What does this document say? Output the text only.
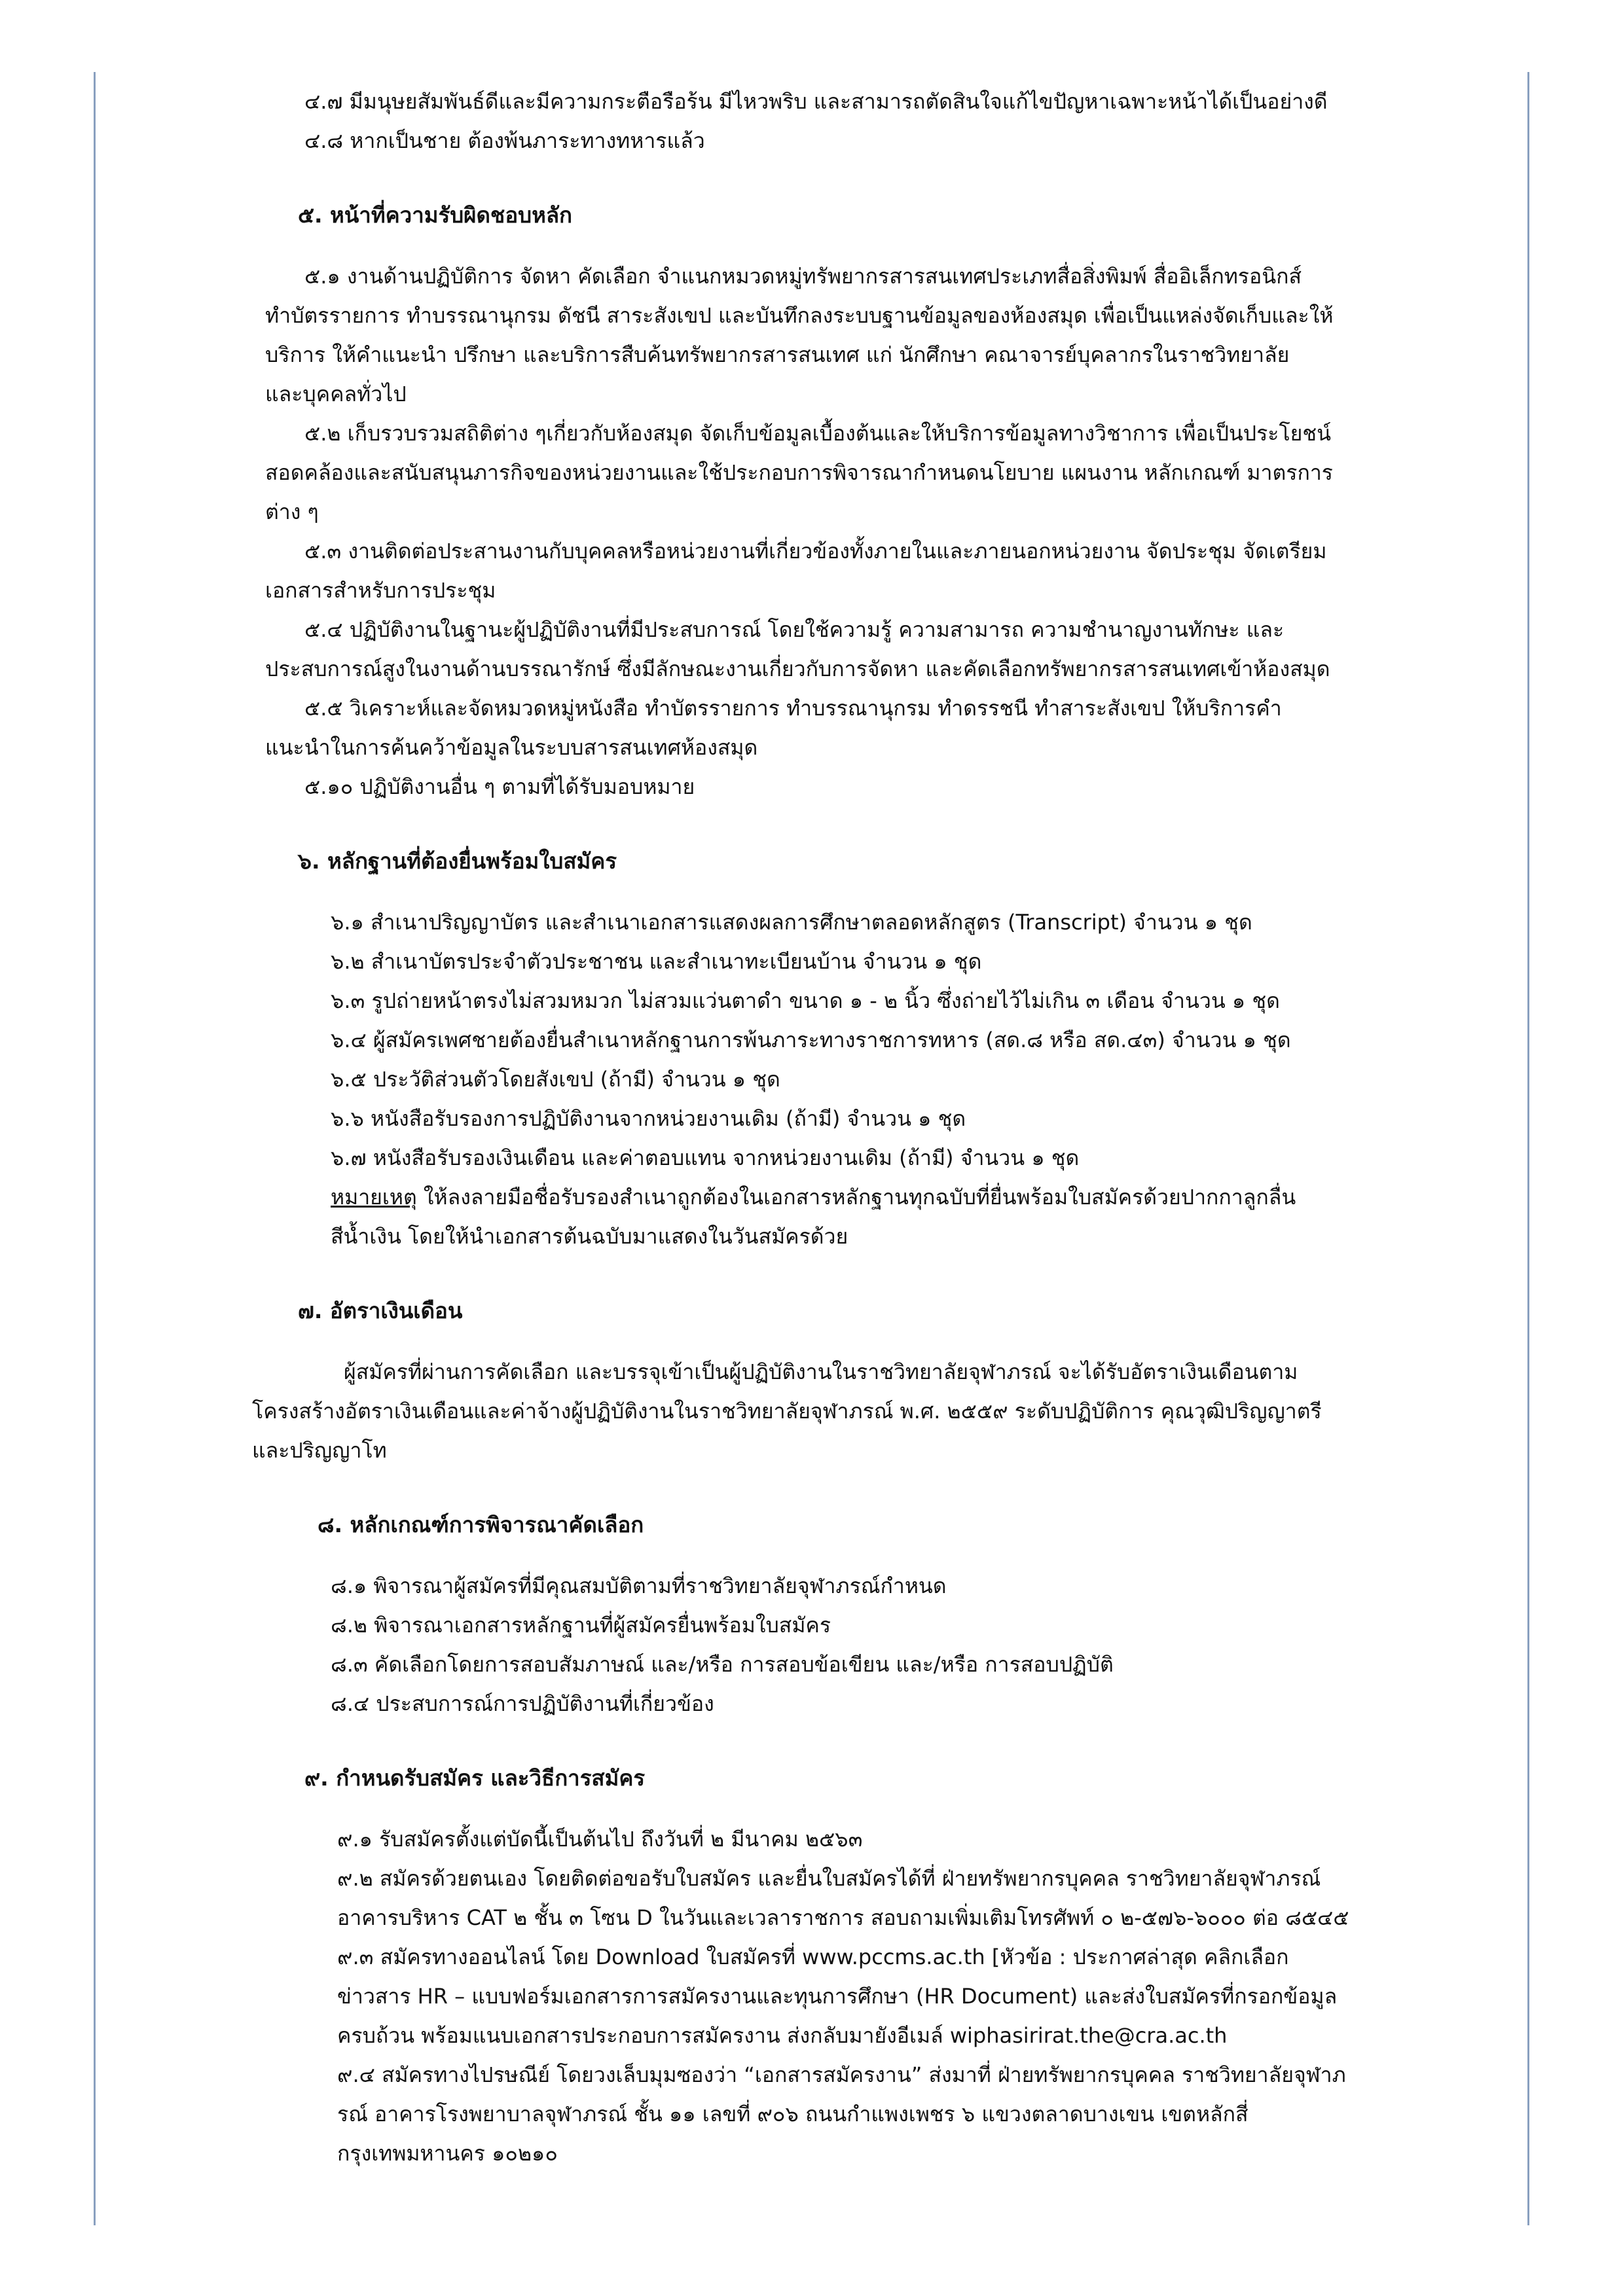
๔.๗ มีมนุษยสัมพันธ์ดีและมีความกระตือรือร้น มีไหวพริบ และสามารถตัดสินใจแก้ไขปัญหาเฉพาะหน้าได้เป็นอย่างดี

๔.๘ หากเป็นชาย ต้องพ้นภาระทางทหารแล้ว

๕. หน้าที่ความรับผิดชอบหลัก

๕.๑ งานด้านปฏิบัติการ จัดหา คัดเลือก จำแนกหมวดหมู่ทรัพยากรสารสนเทศประเภทสื่อสิ่งพิมพ์ สื่ออิเล็กทรอนิกส์

ทำบัตรรายการ ทำบรรณานุกรม ดัชนี สาระสังเขป และบันทึกลงระบบฐานข้อมูลของห้องสมุด เพื่อเป็นแหล่งจัดเก็บและให้

บริการ ให้คำแนะนำ ปรึกษา และบริการสืบค้นทรัพยากรสารสนเทศ แก่ นักศึกษา คณาจารย์บุคลากรในราชวิทยาลัย

และบุคคลทั่วไป

๕.๒ เก็บรวบรวมสถิติต่าง ๆเกี่ยวกับห้องสมุด จัดเก็บข้อมูลเบื้องต้นและให้บริการข้อมูลทางวิชาการ เพื่อเป็นประโยชน์

สอดคล้องและสนับสนุนภารกิจของหน่วยงานและใช้ประกอบการพิจารณากำหนดนโยบาย แผนงาน หลักเกณฑ์ มาตรการ

ต่าง ๆ

๕.๓ งานติดต่อประสานงานกับบุคคลหรือหน่วยงานที่เกี่ยวข้องทั้งภายในและภายนอกหน่วยงาน จัดประชุม จัดเตรียม

เอกสารสำหรับการประชุม

๕.๔ ปฏิบัติงานในฐานะผู้ปฏิบัติงานที่มีประสบการณ์ โดยใช้ความรู้ ความสามารถ ความชำนาญงานทักษะ และ

ประสบการณ์สูงในงานด้านบรรณารักษ์ ซึ่งมีลักษณะงานเกี่ยวกับการจัดหา และคัดเลือกทรัพยากรสารสนเทศเข้าห้องสมุด

๕.๕ วิเคราะห์และจัดหมวดหมู่หนังสือ ทำบัตรรายการ ทำบรรณานุกรม ทำดรรชนี ทำสาระสังเขป ให้บริการคำ

แนะนำในการค้นคว้าข้อมูลในระบบสารสนเทศห้องสมุด

๕.๑๐ ปฏิบัติงานอื่น ๆ ตามที่ได้รับมอบหมาย

๖. หลักฐานที่ต้องยื่นพร้อมใบสมัคร

๖.๑ สำเนาปริญญาบัตร และสำเนาเอกสารแสดงผลการศึกษาตลอดหลักสูตร (Transcript) จำนวน ๑ ชุด

๖.๒ สำเนาบัตรประจำตัวประชาชน และสำเนาทะเบียนบ้าน จำนวน ๑ ชุด

๖.๓ รูปถ่ายหน้าตรงไม่สวมหมวก ไม่สวมแว่นตาดำ ขนาด ๑ - ๒ นิ้ว ซึ่งถ่ายไว้ไม่เกิน ๓ เดือน จำนวน ๑ ชุด

๖.๔ ผู้สมัครเพศชายต้องยื่นสำเนาหลักฐานการพ้นภาระทางราชการทหาร (สด.๘ หรือ สด.๔๓) จำนวน ๑ ชุด

๖.๕ ประวัติส่วนตัวโดยสังเขป (ถ้ามี) จำนวน ๑ ชุด

๖.๖ หนังสือรับรองการปฏิบัติงานจากหน่วยงานเดิม (ถ้ามี) จำนวน ๑ ชุด

๖.๗ หนังสือรับรองเงินเดือน และค่าตอบแทน จากหน่วยงานเดิม (ถ้ามี) จำนวน ๑ ชุด

หมายเหตุ ให้ลงลายมือชื่อรับรองสำเนาถูกต้องในเอกสารหลักฐานทุกฉบับที่ยื่นพร้อมใบสมัครด้วยปากกาลูกลื่น

สีน้ำเงิน โดยให้นำเอกสารต้นฉบับมาแสดงในวันสมัครด้วย

๗. อัตราเงินเดือน

ผู้สมัครที่ผ่านการคัดเลือก และบรรจุเข้าเป็นผู้ปฏิบัติงานในราชวิทยาลัยจุฬาภรณ์ จะได้รับอัตราเงินเดือนตาม

โครงสร้างอัตราเงินเดือนและค่าจ้างผู้ปฏิบัติงานในราชวิทยาลัยจุฬาภรณ์ พ.ศ. ๒๕๕๙ ระดับปฏิบัติการ คุณวุฒิปริญญาตรี

และปริญญาโท

๘. หลักเกณฑ์การพิจารณาคัดเลือก

๘.๑ พิจารณาผู้สมัครที่มีคุณสมบัติตามที่ราชวิทยาลัยจุฬาภรณ์กำหนด

๘.๒ พิจารณาเอกสารหลักฐานที่ผู้สมัครยื่นพร้อมใบสมัคร

๘.๓ คัดเลือกโดยการสอบสัมภาษณ์ และ/หรือ การสอบข้อเขียน และ/หรือ การสอบปฏิบัติ

๘.๔ ประสบการณ์การปฏิบัติงานที่เกี่ยวข้อง

๙. กำหนดรับสมัคร และวิธีการสมัคร

๙.๑ รับสมัครตั้งแต่บัดนี้เป็นต้นไป ถึงวันที่ ๒ มีนาคม ๒๕๖๓

๙.๒ สมัครด้วยตนเอง โดยติดต่อขอรับใบสมัคร และยื่นใบสมัครได้ที่ ฝ่ายทรัพยากรบุคคล ราชวิทยาลัยจุฬาภรณ์

อาคารบริหาร CAT ๒ ชั้น ๓ โซน D ในวันและเวลาราชการ สอบถามเพิ่มเติมโทรศัพท์ ๐ ๒-๕๗๖-๖๐๐๐ ต่อ ๘๕๔๕

๙.๓ สมัครทางออนไลน์ โดย Download ใบสมัครที่ www.pccms.ac.th [หัวข้อ : ประกาศล่าสุด คลิกเลือก

ข่าวสาร HR – แบบฟอร์มเอกสารการสมัครงานและทุนการศึกษา (HR Document) และส่งใบสมัครที่กรอกข้อมูล

ครบถ้วน พร้อมแนบเอกสารประกอบการสมัครงาน ส่งกลับมายังอีเมล์ wiphasirirat.the@cra.ac.th

๙.๔ สมัครทางไปรษณีย์ โดยวงเล็บมุมซองว่า “เอกสารสมัครงาน” ส่งมาที่ ฝ่ายทรัพยากรบุคคล ราชวิทยาลัยจุฬาภ

รณ์ อาคารโรงพยาบาลจุฬาภรณ์ ชั้น ๑๑ เลขที่ ๙๐๖ ถนนกำแพงเพชร ๖ แขวงตลาดบางเขน เขตหลักสี่

กรุงเทพมหานคร ๑๐๒๑๐
